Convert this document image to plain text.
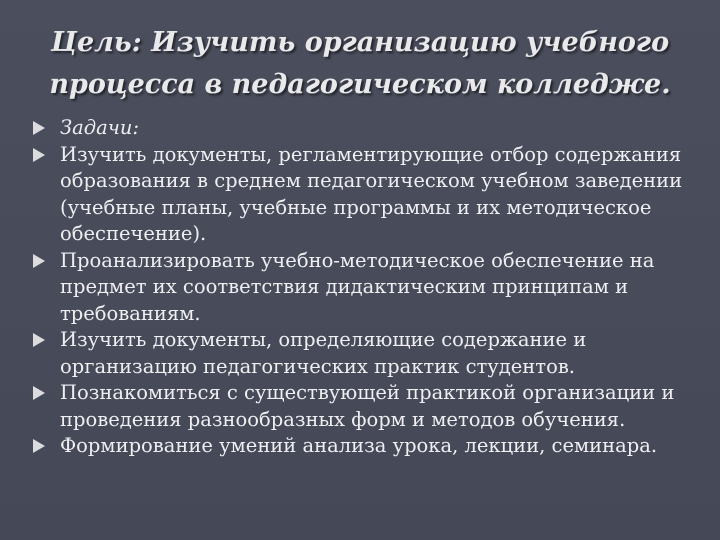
Цель: Изучить организацию учебного
процесса в педагогическом колледже.
Задачи:
Изучить документы, регламентирующие отбор содержания образования в среднем педагогическом учебном заведении (учебные планы, учебные программы и их методическое обеспечение).
Проанализировать учебно-методическое обеспечение на предмет их соответствия дидактическим принципам и требованиям.
Изучить документы, определяющие содержание и организацию педагогических практик студентов.
Познакомиться с существующей практикой организации и проведения разнообразных форм и методов обучения.
Формирование умений анализа урока, лекции, семинара.
